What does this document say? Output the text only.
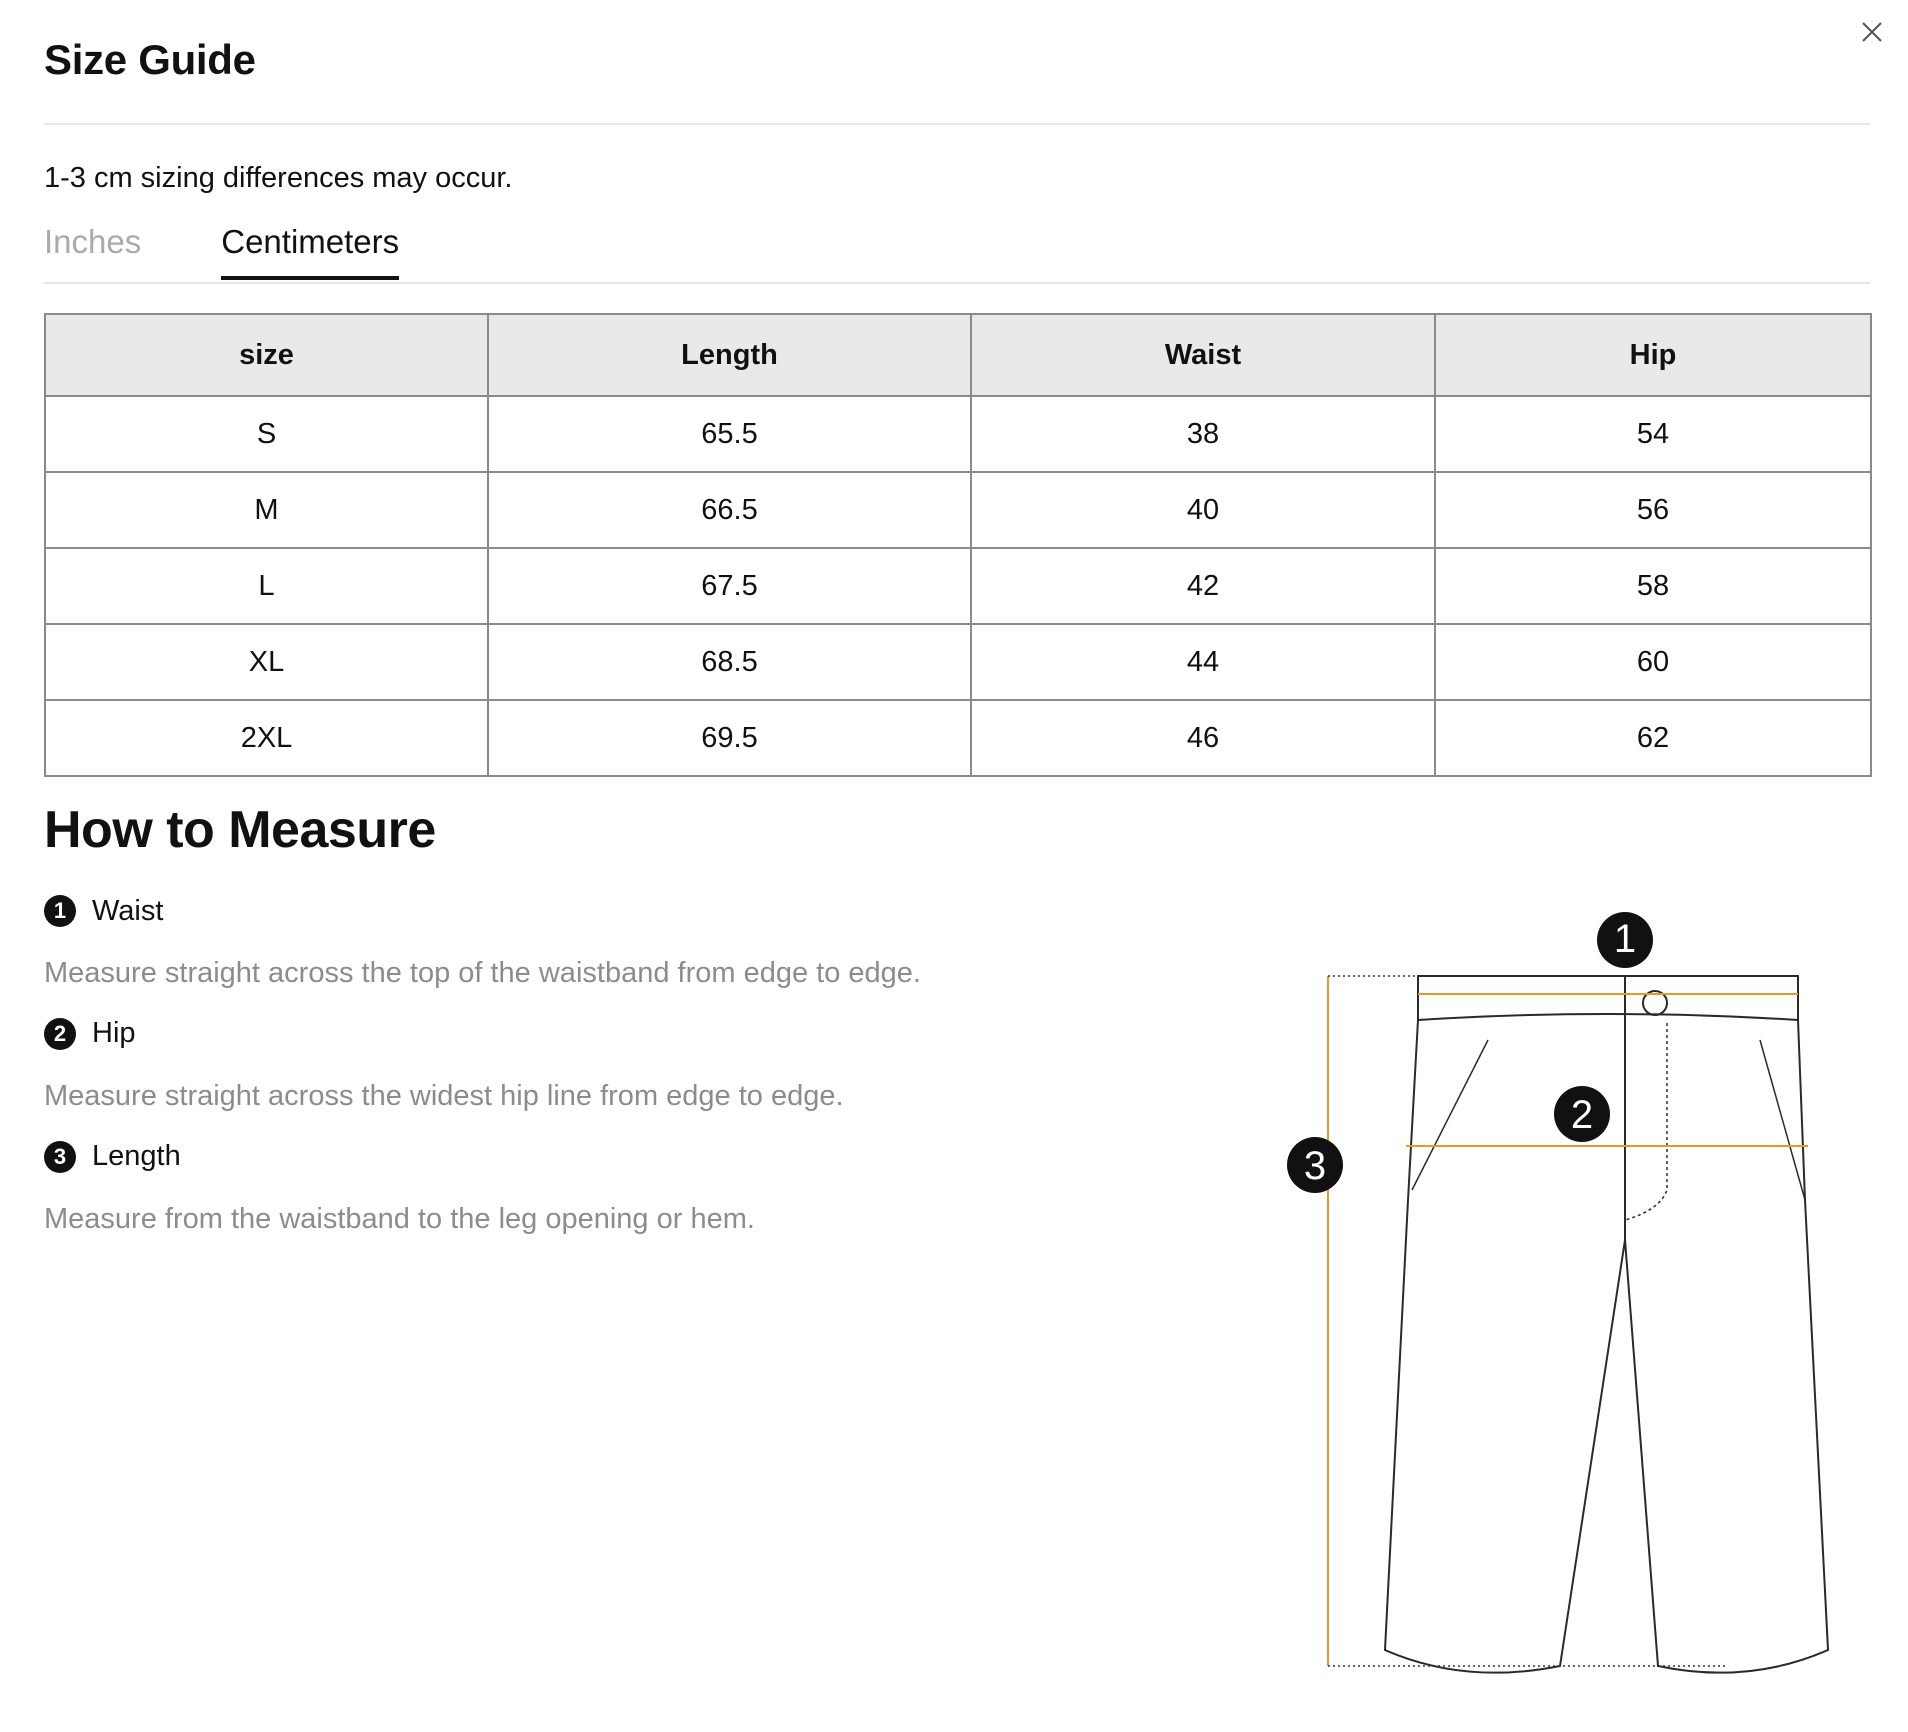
Size Guide
1-3 cm sizing differences may occur.
Inches Centimeters
size	Length	Waist	Hip
S	65.5	38	54
M	66.5	40	56
L	67.5	42	58
XL	68.5	44	60
2XL	69.5	46	62
How to Measure
1 Waist
Measure straight across the top of the waistband from edge to edge.
2 Hip
Measure straight across the widest hip line from edge to edge.
3 Length
Measure from the waistband to the leg opening or hem.
1
2
3
